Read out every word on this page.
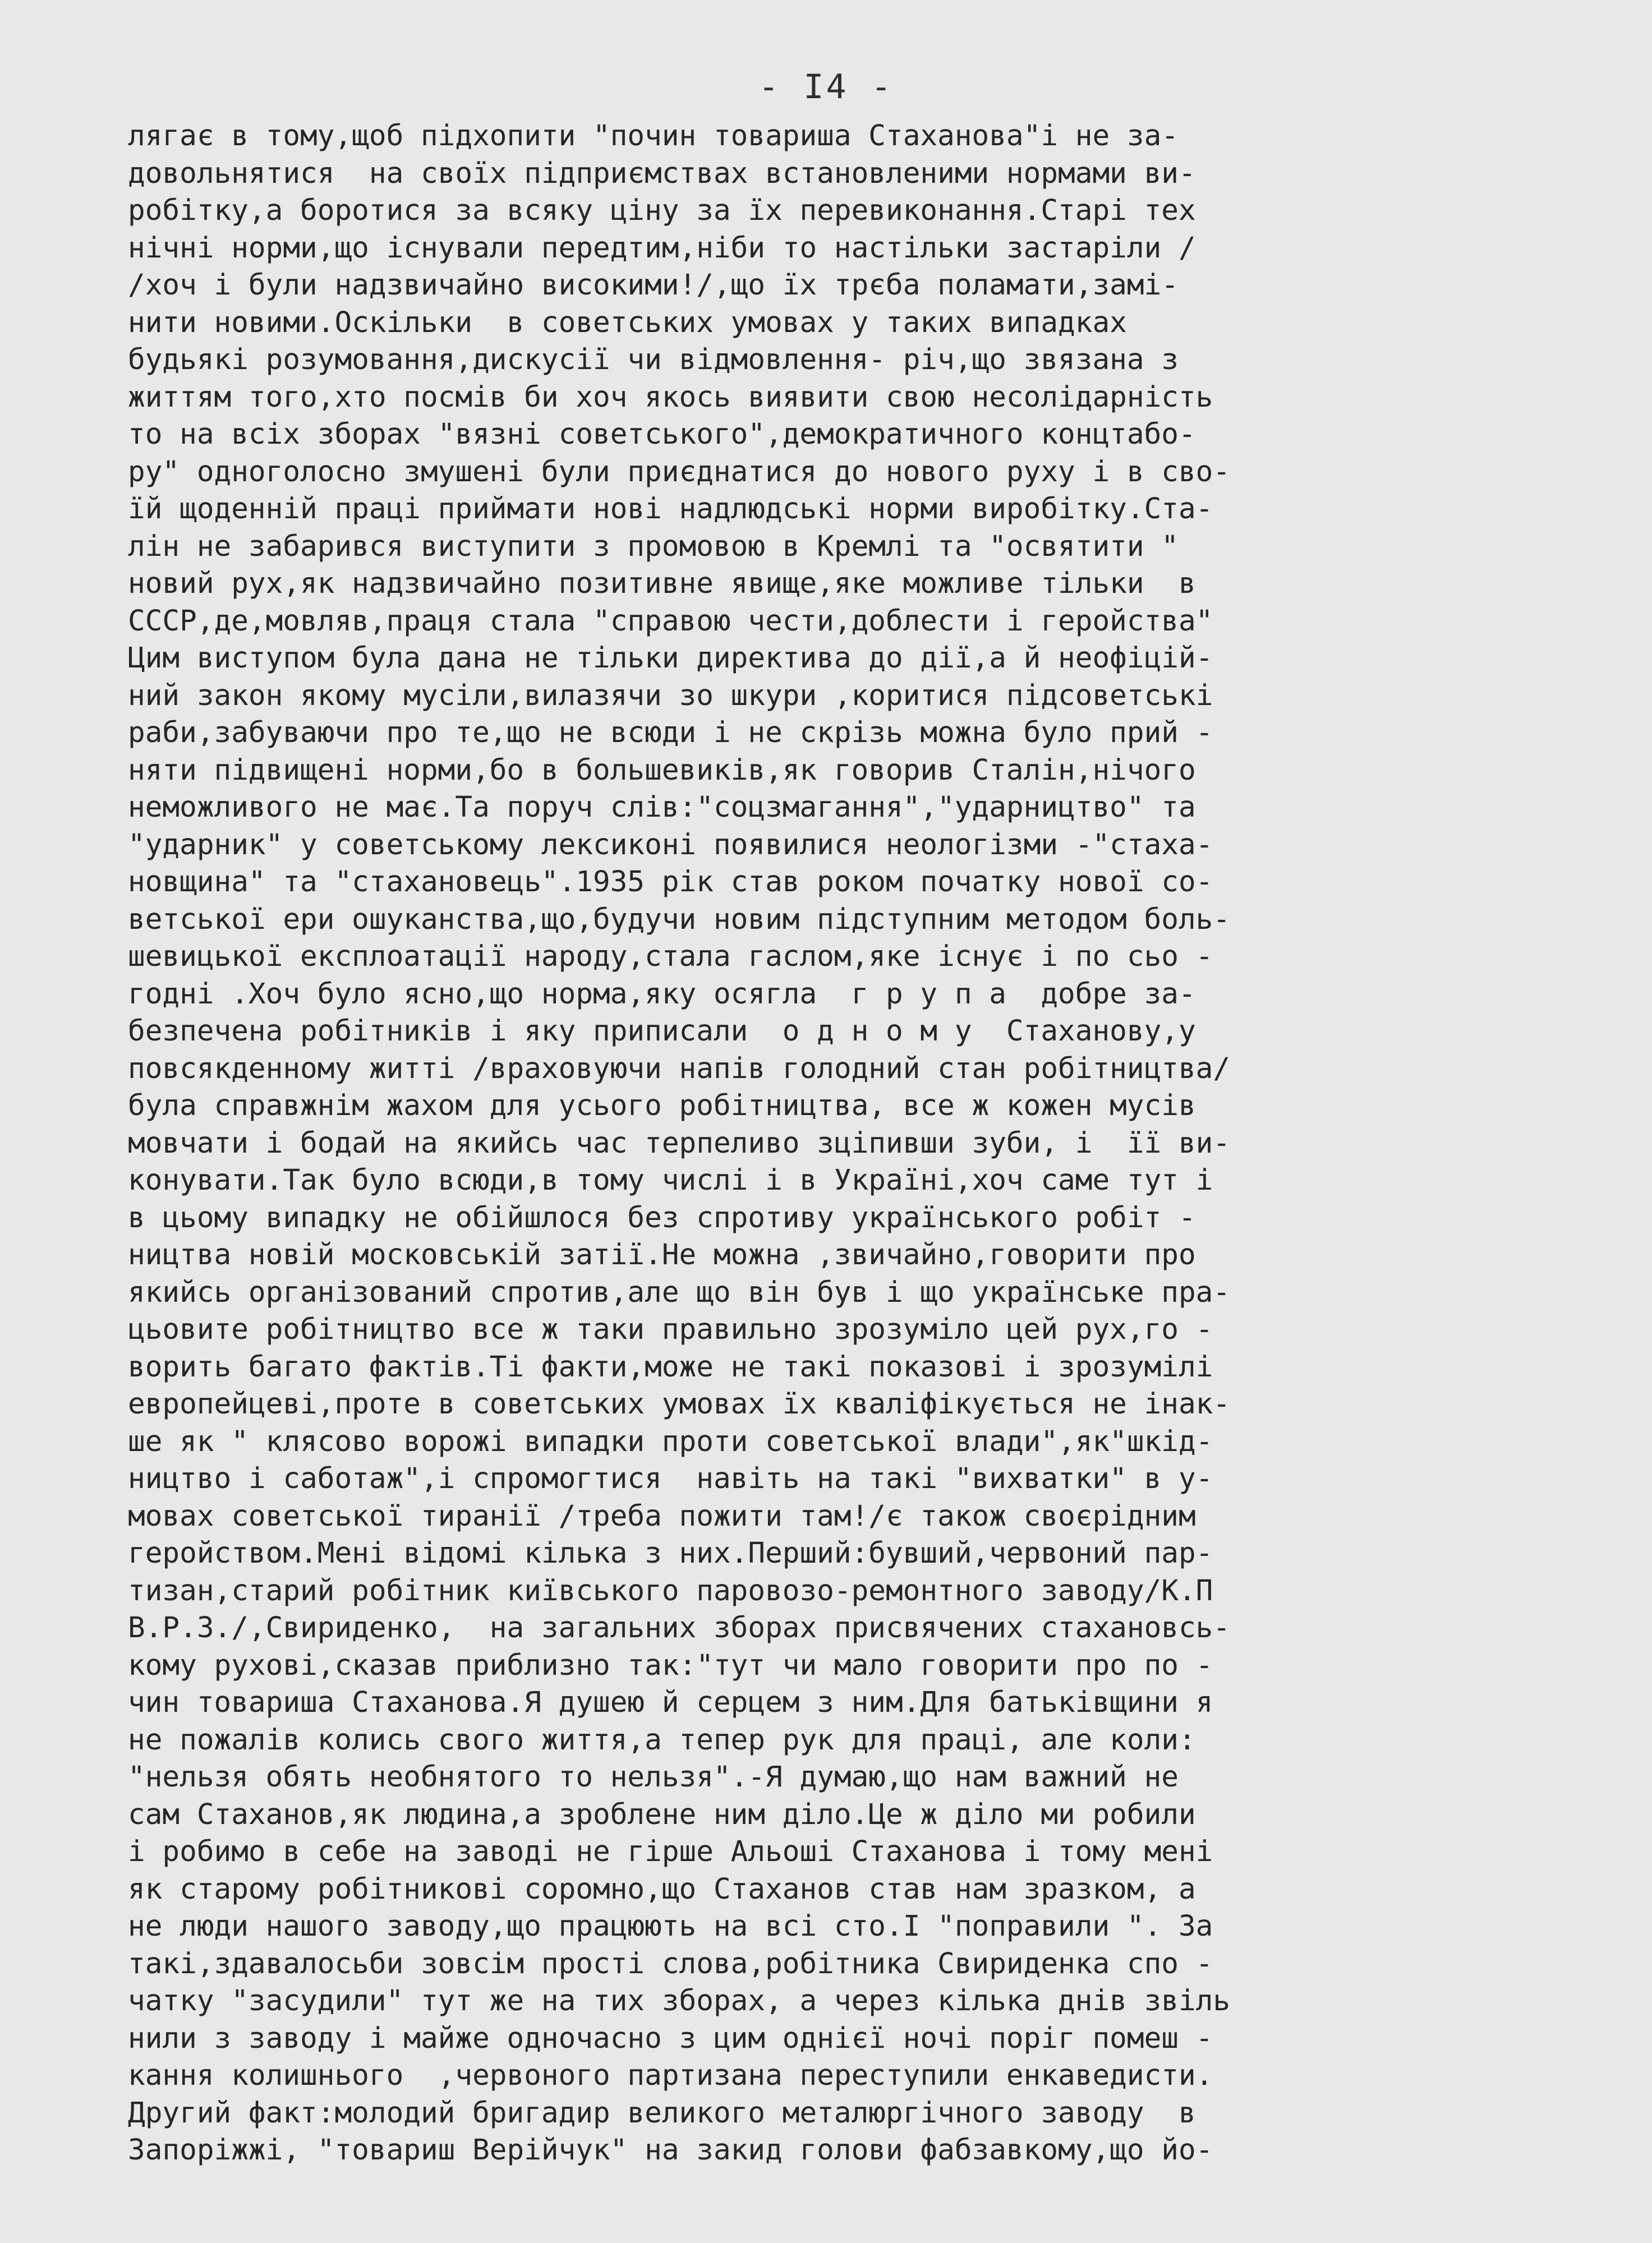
- I4 -
лягає в тому,щоб підхопити "почин товариша Стаханова"і не за-
довольнятися  на своїх підприємствах встановленими нормами ви-
робітку,а боротися за всяку ціну за їх перевиконання.Старі тех
нічні норми,що існували передтим,ніби то настільки застаріли /
/хоч і були надзвичайно високими!/,що їх трєба поламати,замі-
нити новими.Оскільки  в советських умовах у таких випадках
будьякі розумовання,дискусії чи відмовлення- річ,що звязана з
життям того,хто посмів би хоч якось виявити свою несолідарність
то на всіх зборах "вязні советського",демократичного концтабо-
ру" одноголосно змушені були приєднатися до нового руху і в сво-
їй щоденній праці приймати нові надлюдські норми виробітку.Ста-
лін не забарився виступити з промовою в Кремлі та "освятити "
новий рух,як надзвичайно позитивне явище,яке можливе тільки  в
СССР,де,мовляв,праця стала "справою чести,доблести і геройства"
Цим виступом була дана не тільки директива до дії,а й неофіцій-
ний закон якому мусіли,вилазячи зо шкури ,коритися підсоветські
раби,забуваючи про те,що не всюди і не скрізь можна було прий -
няти підвищені норми,бо в большевиків,як говорив Сталін,нічого
неможливого не має.Та поруч слів:"соцзмагання","ударництво" та
"ударник" у советському лексиконі появилися неологізми -"стаха-
новщина" та "стахановець".1935 рік став роком початку нової со-
ветської ери ошуканства,що,будучи новим підступним методом боль-
шевицької експлоатації народу,стала гаслом,яке існує і по сьо -
годні .Хоч було ясно,що норма,яку осягла  г р у п а  добре за-
безпечена робітників і яку приписали  о д н о м у  Стаханову,у
повсякденному житті /враховуючи напів голодний стан робітництва/
була справжнім жахом для усього робітництва, все ж кожен мусів
мовчати і бодай на якийсь час терпеливо зціпивши зуби, і  її ви-
конувати.Так було всюди,в тому числі і в Україні,хоч саме тут і
в цьому випадку не обійшлося без спротиву українського робіт -
ництва новій московській затії.Не можна ,звичайно,говорити про
якийсь організований спротив,але що він був і що українське пра-
цьовите робітництво все ж таки правильно зрозуміло цей рух,го -
ворить багато фактів.Ті факти,може не такі показові і зрозумілі
европейцеві,проте в советських умовах їх кваліфікується не інак-
ше як " клясово ворожі випадки проти советської влади",як"шкід-
ництво і саботаж",і спромогтися  навіть на такі "вихватки" в у-
мовах советської тиранії /треба пожити там!/є також своєрідним
геройством.Мені відомі кілька з них.Перший:бувший,червоний пар-
тизан,старий робітник київського паровозо-ремонтного заводу/К.П
В.Р.З./,Свириденко,  на загальних зборах присвячених стахановсь-
кому рухові,сказав приблизно так:"тут чи мало говорити про по -
чин товариша Стаханова.Я душею й серцем з ним.Для батьківщини я
не пожалів колись свого життя,а тепер рук для праці, але коли:
"нельзя обять необнятого то нельзя".-Я думаю,що нам важний не
сам Стаханов,як людина,а зроблене ним діло.Це ж діло ми робили
і робимо в себе на заводі не гірше Альоші Стаханова і тому мені
як старому робітникові соромно,що Стаханов став нам зразком, а
не люди нашого заводу,що працюють на всі сто.І "поправили ". За
такі,здавалосьби зовсім прості слова,робітника Свириденка спо -
чатку "засудили" тут же на тих зборах, а через кілька днів звіль
нили з заводу і майже одночасно з цим однієї ночі поріг помеш -
кання колишнього  ,червоного партизана переступили енкаведисти.
Другий факт:молодий бригадир великого металюргічного заводу  в
Запоріжжі, "товариш Верійчук" на закид голови фабзавкому,що йо-
